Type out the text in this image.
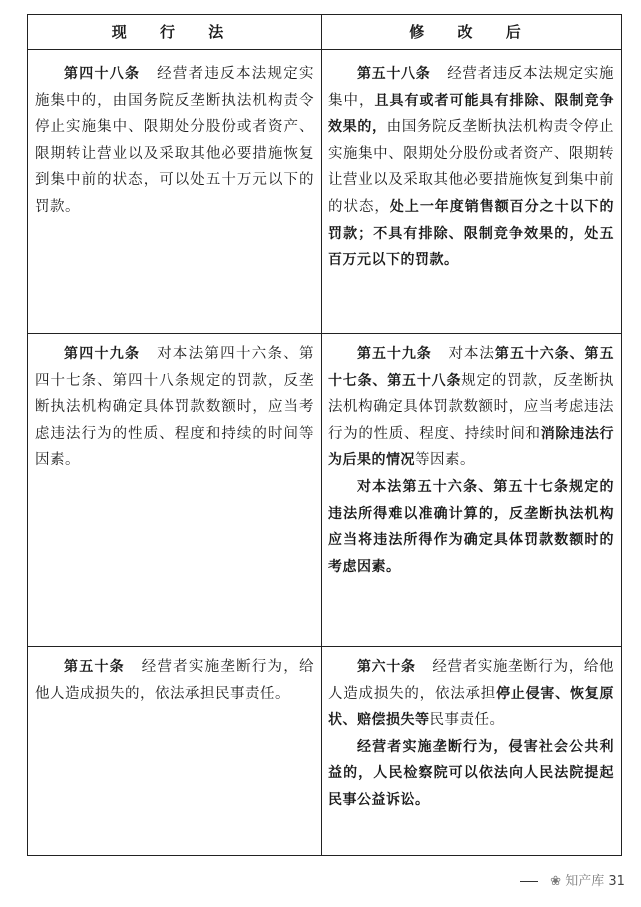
现 行 法	修 改 后

第四十八条 经营者违反本法规定实施集中的，由国务院反垄断执法机构责令停止实施集中、限期处分股份或者资产、限期转让营业以及采取其他必要措施恢复到集中前的状态，可以处五十万元以下的罚款。

第五十八条 经营者违反本法规定实施集中，且具有或者可能具有排除、限制竞争效果的，由国务院反垄断执法机构责令停止实施集中、限期处分股份或者资产、限期转让营业以及采取其他必要措施恢复到集中前的状态，处上一年度销售额百分之十以下的罚款；不具有排除、限制竞争效果的，处五百万元以下的罚款。

第四十九条 对本法第四十六条、第四十七条、第四十八条规定的罚款，反垄断执法机构确定具体罚款数额时，应当考虑违法行为的性质、程度和持续的时间等因素。

第五十九条 对本法第五十六条、第五十七条、第五十八条规定的罚款，反垄断执法机构确定具体罚款数额时，应当考虑违法行为的性质、程度、持续时间和消除违法行为后果的情况等因素。

对本法第五十六条、第五十七条规定的违法所得难以准确计算的，反垄断执法机构应当将违法所得作为确定具体罚款数额时的考虑因素。

第五十条 经营者实施垄断行为，给他人造成损失的，依法承担民事责任。

第六十条 经营者实施垄断行为，给他人造成损失的，依法承担停止侵害、恢复原状、赔偿损失等民事责任。

经营者实施垄断行为，侵害社会公共利益的，人民检察院可以依法向人民法院提起民事公益诉讼。

❀ 知产库 31
